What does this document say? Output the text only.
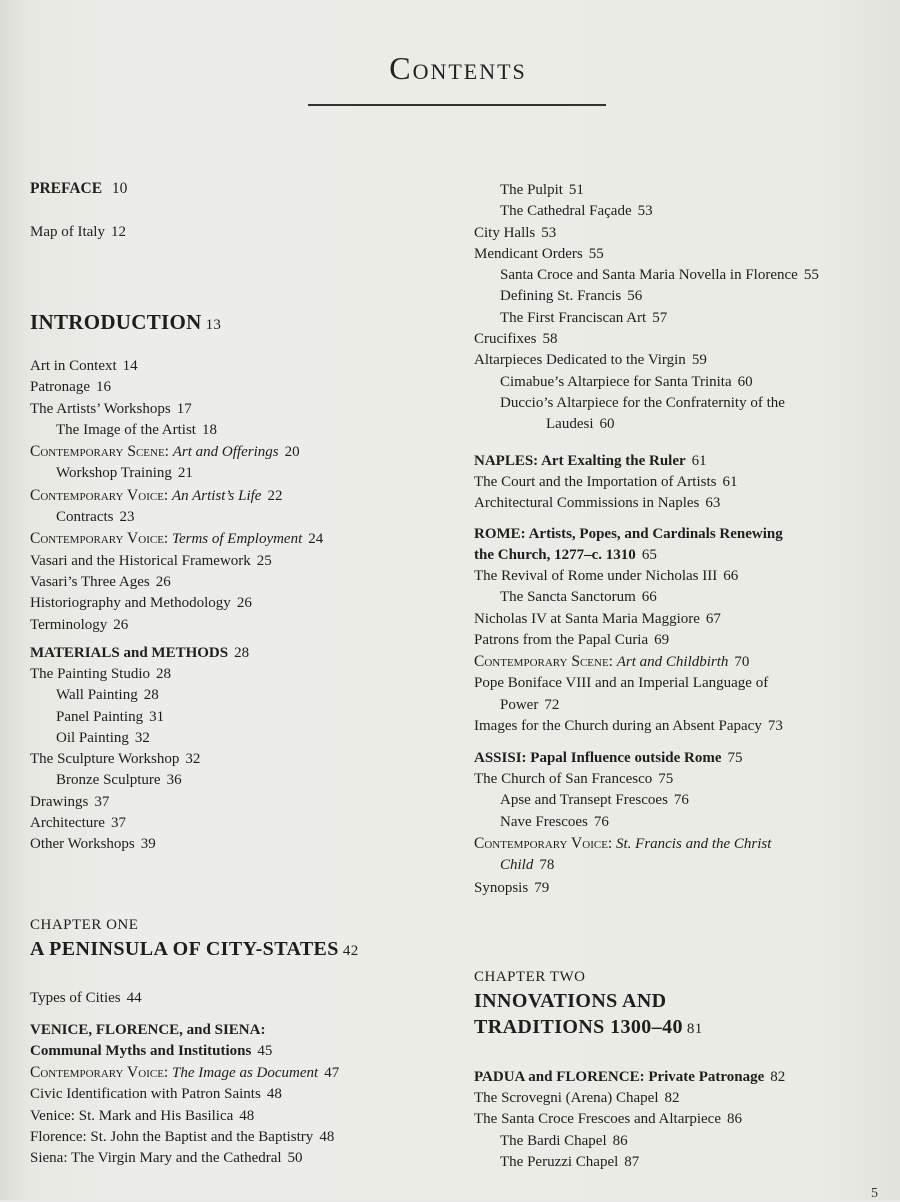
Contents
PREFACE 10
Map of Italy 12
INTRODUCTION 13
Art in Context 14
Patronage 16
The Artists’ Workshops 17
The Image of the Artist 18
Contemporary Scene: Art and Offerings 20
Workshop Training 21
Contemporary Voice: An Artist’s Life 22
Contracts 23
Contemporary Voice: Terms of Employment 24
Vasari and the Historical Framework 25
Vasari’s Three Ages 26
Historiography and Methodology 26
Terminology 26
MATERIALS and METHODS 28
The Painting Studio 28
Wall Painting 28
Panel Painting 31
Oil Painting 32
The Sculpture Workshop 32
Bronze Sculpture 36
Drawings 37
Architecture 37
Other Workshops 39
CHAPTER ONE
A PENINSULA OF CITY-STATES 42
Types of Cities 44
VENICE, FLORENCE, and SIENA:
Communal Myths and Institutions 45
Contemporary Voice: The Image as Document 47
Civic Identification with Patron Saints 48
Venice: St. Mark and His Basilica 48
Florence: St. John the Baptist and the Baptistry 48
Siena: The Virgin Mary and the Cathedral 50
The Pulpit 51
The Cathedral Façade 53
City Halls 53
Mendicant Orders 55
Santa Croce and Santa Maria Novella in Florence 55
Defining St. Francis 56
The First Franciscan Art 57
Crucifixes 58
Altarpieces Dedicated to the Virgin 59
Cimabue’s Altarpiece for Santa Trinita 60
Duccio’s Altarpiece for the Confraternity of the
Laudesi 60
NAPLES: Art Exalting the Ruler 61
The Court and the Importation of Artists 61
Architectural Commissions in Naples 63
ROME: Artists, Popes, and Cardinals Renewing
the Church, 1277–c. 1310 65
The Revival of Rome under Nicholas III 66
The Sancta Sanctorum 66
Nicholas IV at Santa Maria Maggiore 67
Patrons from the Papal Curia 69
Contemporary Scene: Art and Childbirth 70
Pope Boniface VIII and an Imperial Language of
Power 72
Images for the Church during an Absent Papacy 73
ASSISI: Papal Influence outside Rome 75
The Church of San Francesco 75
Apse and Transept Frescoes 76
Nave Frescoes 76
Contemporary Voice: St. Francis and the Christ
Child 78
Synopsis 79
CHAPTER TWO
INNOVATIONS AND
TRADITIONS 1300–40 81
PADUA and FLORENCE: Private Patronage 82
The Scrovegni (Arena) Chapel 82
The Santa Croce Frescoes and Altarpiece 86
The Bardi Chapel 86
The Peruzzi Chapel 87
5
